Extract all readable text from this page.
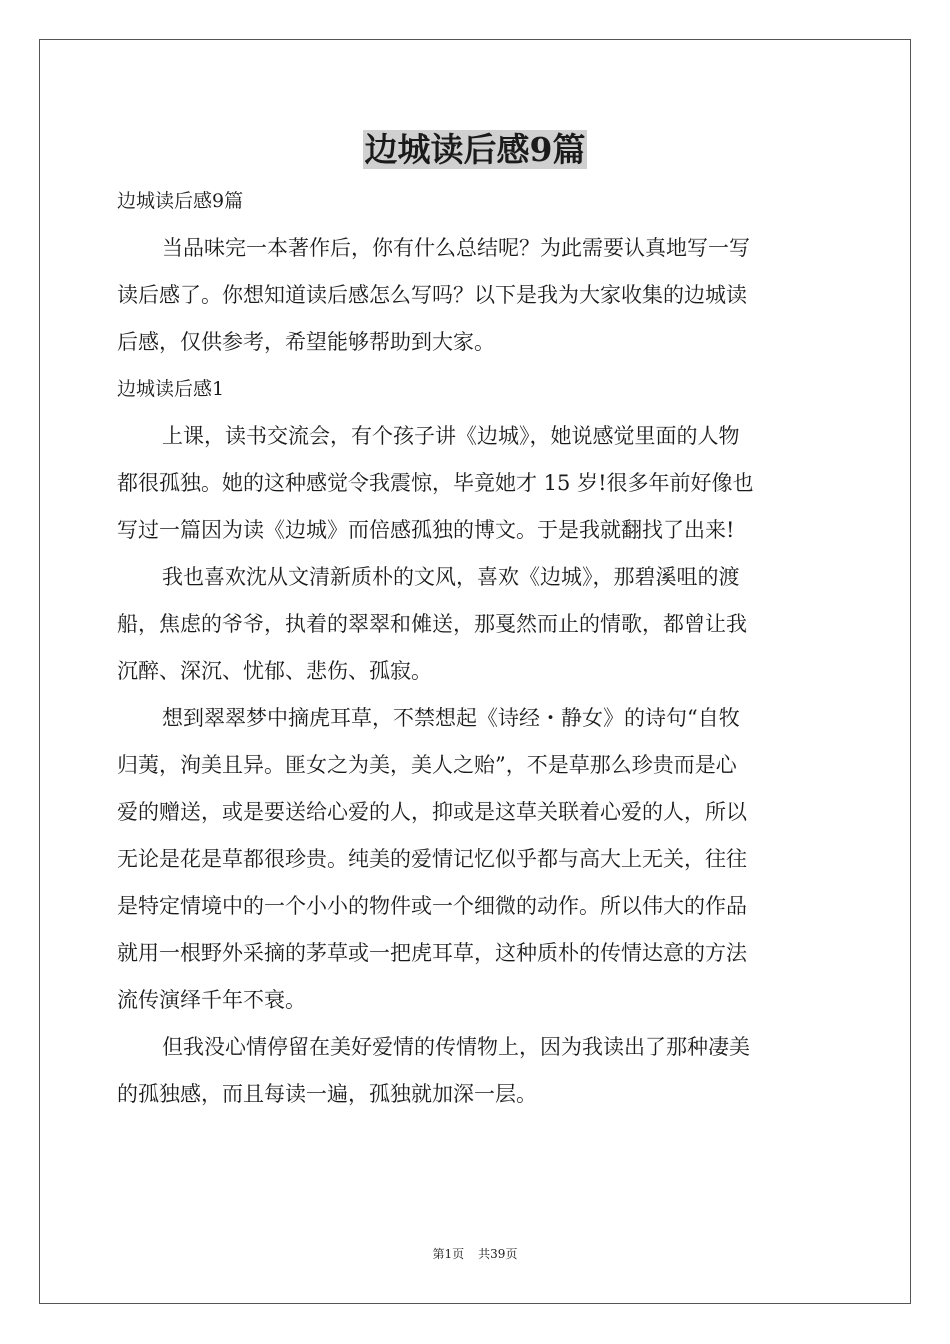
边城读后感9篇

边城读后感9篇

当品味完一本著作后，你有什么总结呢？为此需要认真地写一写

读后感了。你想知道读后感怎么写吗？以下是我为大家收集的边城读

后感，仅供参考，希望能够帮助到大家。

边城读后感1

上课，读书交流会，有个孩子讲《边城》，她说感觉里面的人物

都很孤独。她的这种感觉令我震惊，毕竟她才 15 岁!很多年前好像也

写过一篇因为读《边城》而倍感孤独的博文。于是我就翻找了出来!

我也喜欢沈从文清新质朴的文风，喜欢《边城》，那碧溪咀的渡

船，焦虑的爷爷，执着的翠翠和傩送，那戛然而止的情歌，都曾让我

沉醉、深沉、忧郁、悲伤、孤寂。

想到翠翠梦中摘虎耳草，不禁想起《诗经・静女》的诗句“自牧

归荑，洵美且异。匪女之为美，美人之贻”，不是草那么珍贵而是心

爱的赠送，或是要送给心爱的人，抑或是这草关联着心爱的人，所以

无论是花是草都很珍贵。纯美的爱情记忆似乎都与高大上无关，往往

是特定情境中的一个小小的物件或一个细微的动作。所以伟大的作品

就用一根野外采摘的茅草或一把虎耳草，这种质朴的传情达意的方法

流传演绎千年不衰。

但我没心情停留在美好爱情的传情物上，因为我读出了那种凄美

的孤独感，而且每读一遍，孤独就加深一层。

第1页 共39页
